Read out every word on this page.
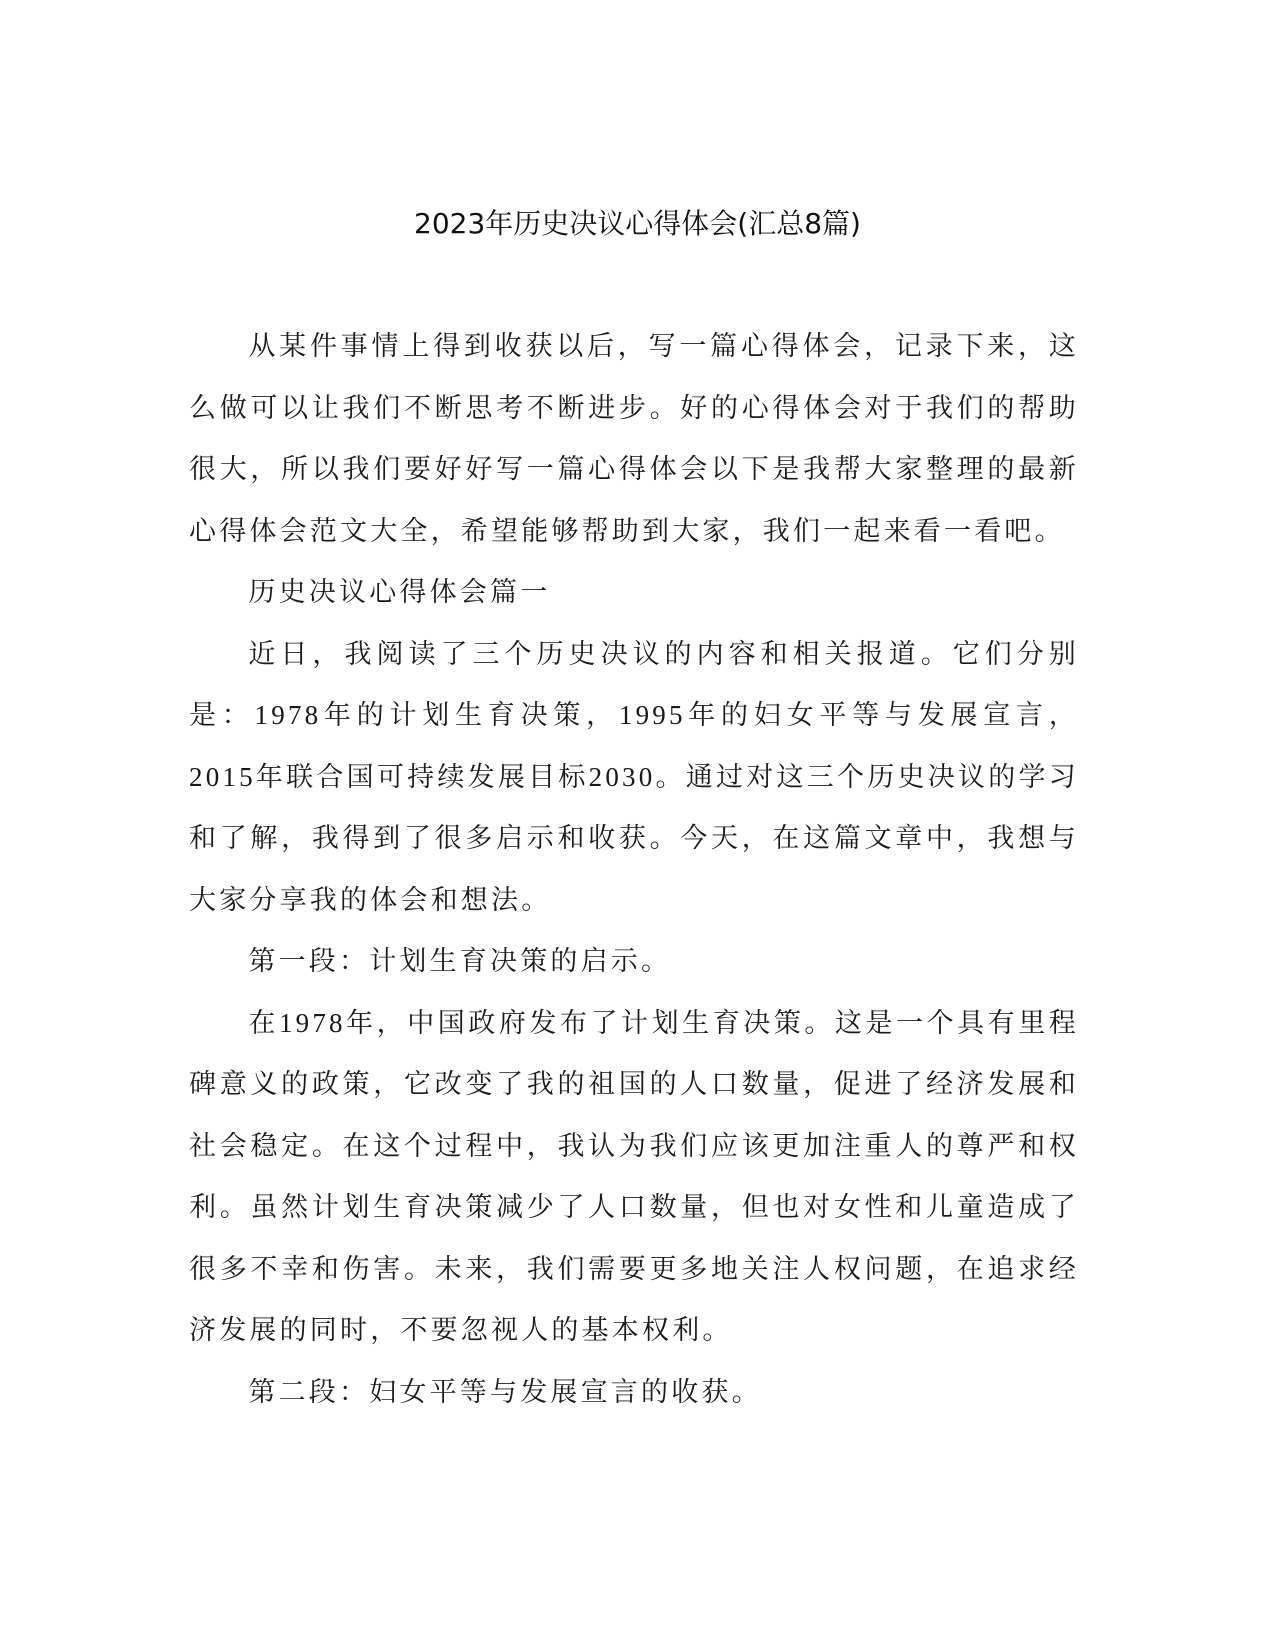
2023年历史决议心得体会(汇总8篇)

从某件事情上得到收获以后，写一篇心得体会，记录下来，这么做可以让我们不断思考不断进步。好的心得体会对于我们的帮助很大，所以我们要好好写一篇心得体会以下是我帮大家整理的最新心得体会范文大全，希望能够帮助到大家，我们一起来看一看吧。

历史决议心得体会篇一

近日，我阅读了三个历史决议的内容和相关报道。它们分别是：1978年的计划生育决策，1995年的妇女平等与发展宣言，2015年联合国可持续发展目标2030。通过对这三个历史决议的学习和了解，我得到了很多启示和收获。今天，在这篇文章中，我想与大家分享我的体会和想法。

第一段：计划生育决策的启示。

在1978年，中国政府发布了计划生育决策。这是一个具有里程碑意义的政策，它改变了我的祖国的人口数量，促进了经济发展和社会稳定。在这个过程中，我认为我们应该更加注重人的尊严和权利。虽然计划生育决策减少了人口数量，但也对女性和儿童造成了很多不幸和伤害。未来，我们需要更多地关注人权问题，在追求经济发展的同时，不要忽视人的基本权利。

第二段：妇女平等与发展宣言的收获。
